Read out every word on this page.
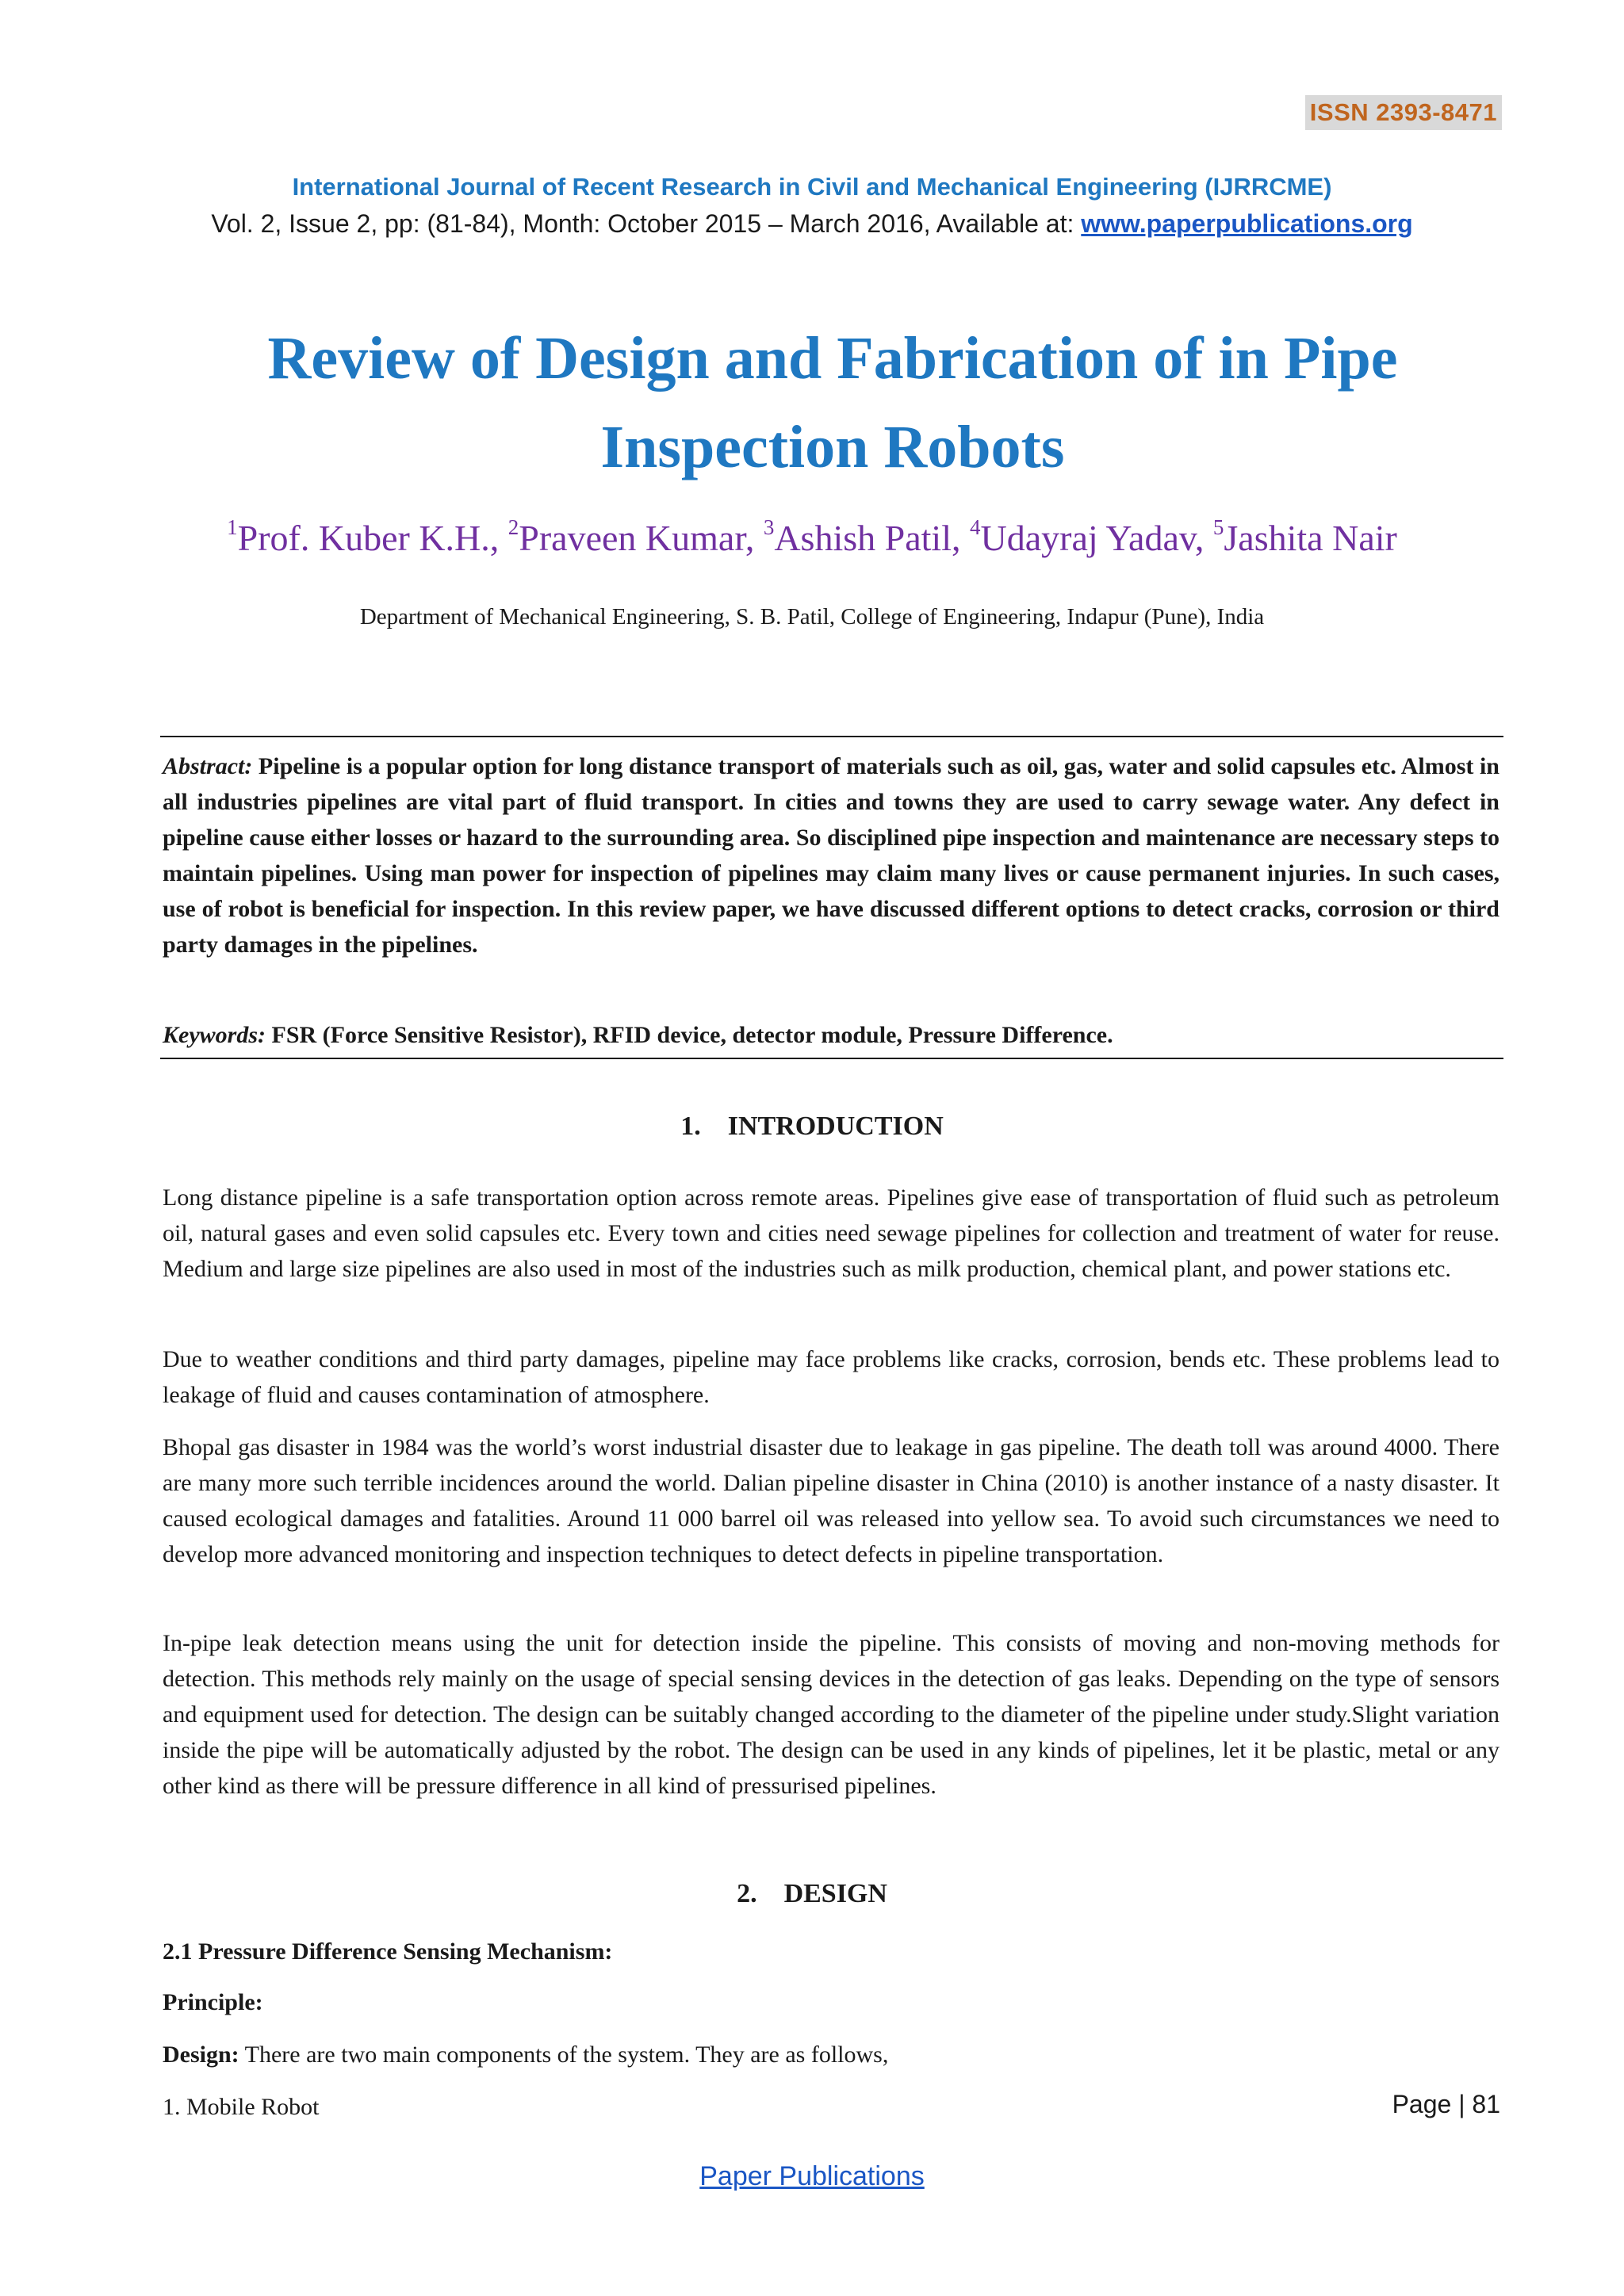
ISSN 2393-8471
International Journal of Recent Research in Civil and Mechanical Engineering (IJRRCME)
Vol. 2, Issue 2, pp: (81-84), Month: October 2015 – March 2016, Available at: www.paperpublications.org
Review of Design and Fabrication of in Pipe Inspection Robots
$^1$Prof. Kuber K.H., $^2$Praveen Kumar, $^3$Ashish Patil, $^4$Udayraj Yadav, $^5$Jashita Nair
Department of Mechanical Engineering, S. B. Patil, College of Engineering, Indapur (Pune), India

Abstract: Pipeline is a popular option for long distance transport of materials such as oil, gas, water and solid capsules etc. Almost in all industries pipelines are vital part of fluid transport. In cities and towns they are used to carry sewage water. Any defect in pipeline cause either losses or hazard to the surrounding area. So disciplined pipe inspection and maintenance are necessary steps to maintain pipelines. Using man power for inspection of pipelines may claim many lives or cause permanent injuries. In such cases, use of robot is beneficial for inspection. In this review paper, we have discussed different options to detect cracks, corrosion or third party damages in the pipelines.

Keywords: FSR (Force Sensitive Resistor), RFID device, detector module, Pressure Difference.

1.    INTRODUCTION

Long distance pipeline is a safe transportation option across remote areas. Pipelines give ease of transportation of fluid such as petroleum oil, natural gases and even solid capsules etc. Every town and cities need sewage pipelines for collection and treatment of water for reuse. Medium and large size pipelines are also used in most of the industries such as milk production, chemical plant, and power stations etc.

Due to weather conditions and third party damages, pipeline may face problems like cracks, corrosion, bends etc. These problems lead to leakage of fluid and causes contamination of atmosphere.

Bhopal gas disaster in 1984 was the world’s worst industrial disaster due to leakage in gas pipeline. The death toll was around 4000. There are many more such terrible incidences around the world. Dalian pipeline disaster in China (2010) is another instance of a nasty disaster. It caused ecological damages and fatalities. Around 11 000 barrel oil was released into yellow sea. To avoid such circumstances we need to develop more advanced monitoring and inspection techniques to detect defects in pipeline transportation.

In-pipe leak detection means using the unit for detection inside the pipeline. This consists of moving and non-moving methods for detection. This methods rely mainly on the usage of special sensing devices in the detection of gas leaks. Depending on the type of sensors and equipment used for detection. The design can be suitably changed according to the diameter of the pipeline under study.Slight variation inside the pipe will be automatically adjusted by the robot. The design can be used in any kinds of pipelines, let it be plastic, metal or any other kind as there will be pressure difference in all kind of pressurised pipelines.

2.    DESIGN

2.1 Pressure Difference Sensing Mechanism:

Principle:

Design: There are two main components of the system. They are as follows,

1. Mobile Robot	Page | 81
Paper Publications
